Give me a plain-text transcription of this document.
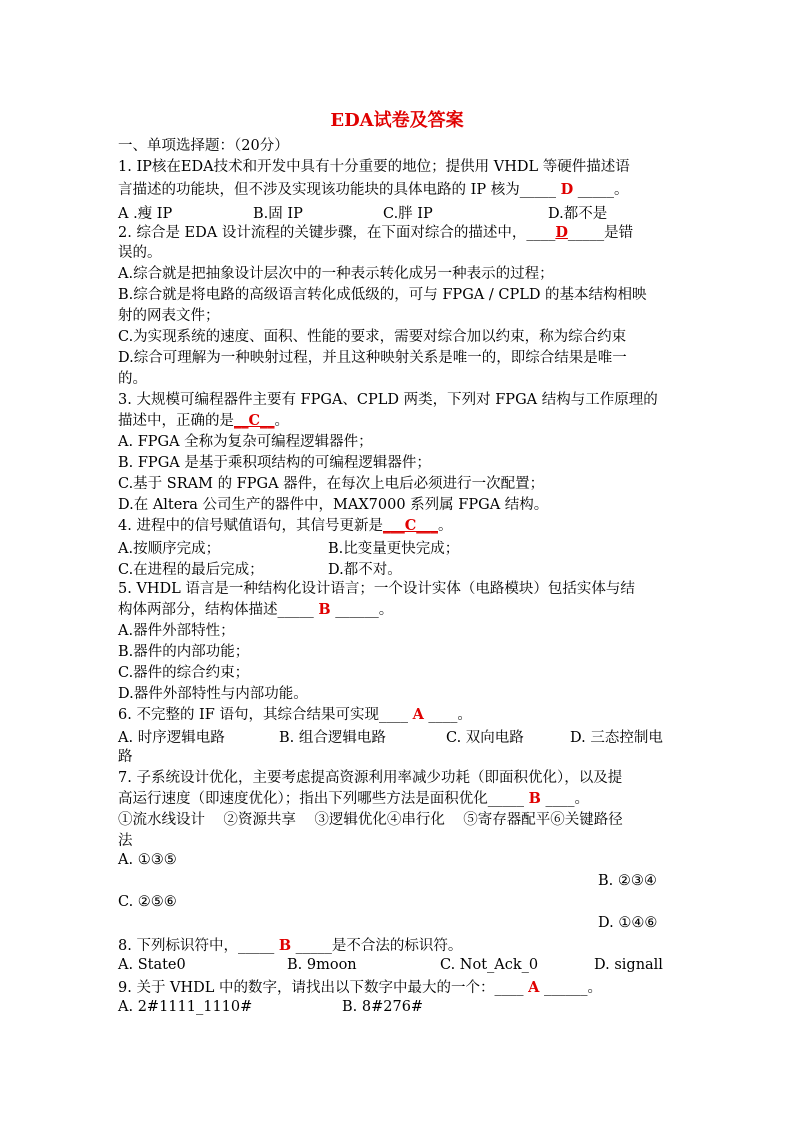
EDA试卷及答案
一、单项选择题：（20分）
1. IP核在EDA技术和开发中具有十分重要的地位；提供用 VHDL 等硬件描述语
言描述的功能块，但不涉及实现该功能块的具体电路的 IP 核为_____ D _____。
A .瘦 IP	B.固 IP	C.胖 IP	D.都不是
2. 综合是 EDA 设计流程的关键步骤，在下面对综合的描述中，____D_____是错
误的。
A.综合就是把抽象设计层次中的一种表示转化成另一种表示的过程；
B.综合就是将电路的高级语言转化成低级的，可与 FPGA / CPLD 的基本结构相映
射的网表文件；
C.为实现系统的速度、面积、性能的要求，需要对综合加以约束，称为综合约束
D.综合可理解为一种映射过程，并且这种映射关系是唯一的，即综合结果是唯一
的。
3. 大规模可编程器件主要有 FPGA、CPLD 两类，下列对 FPGA 结构与工作原理的
描述中，正确的是__C__。
A. FPGA 全称为复杂可编程逻辑器件；
B. FPGA 是基于乘积项结构的可编程逻辑器件；
C.基于 SRAM 的 FPGA 器件，在每次上电后必须进行一次配置；
D.在 Altera 公司生产的器件中，MAX7000 系列属 FPGA 结构。
4. 进程中的信号赋值语句，其信号更新是___C___。
A.按顺序完成；	B.比变量更快完成；
C.在进程的最后完成；	D.都不对。
5. VHDL 语言是一种结构化设计语言；一个设计实体（电路模块）包括实体与结
构体两部分，结构体描述_____ B ______。
A.器件外部特性；
B.器件的内部功能；
C.器件的综合约束；
D.器件外部特性与内部功能。
6. 不完整的 IF 语句，其综合结果可实现____ A ____。
A. 时序逻辑电路	B. 组合逻辑电路	C. 双向电路	D. 三态控制电
路
7. 子系统设计优化，主要考虑提高资源利用率减少功耗（即面积优化），以及提
高运行速度（即速度优化）；指出下列哪些方法是面积优化_____ B ____。
①流水线设计    ②资源共享    ③逻辑优化④串行化    ⑤寄存器配平⑥关键路径
法
A. ①③⑤
B. ②③④
C. ②⑤⑥
D. ①④⑥
8. 下列标识符中，_____ B _____是不合法的标识符。
A. State0	B. 9moon	C. Not_Ack_0	D. signall
9. 关于 VHDL 中的数字，请找出以下数字中最大的一个：____ A ______。
A. 2#1111_1110#	B. 8#276#
